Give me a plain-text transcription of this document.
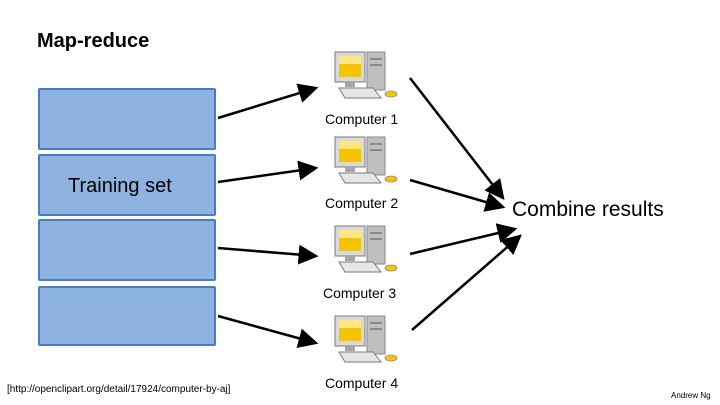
Map-reduce
Training set
Computer 1
Computer 2
Computer 3
Computer 4
Combine results
[http://openclipart.org/detail/17924/computer-by-aj]
Andrew Ng
